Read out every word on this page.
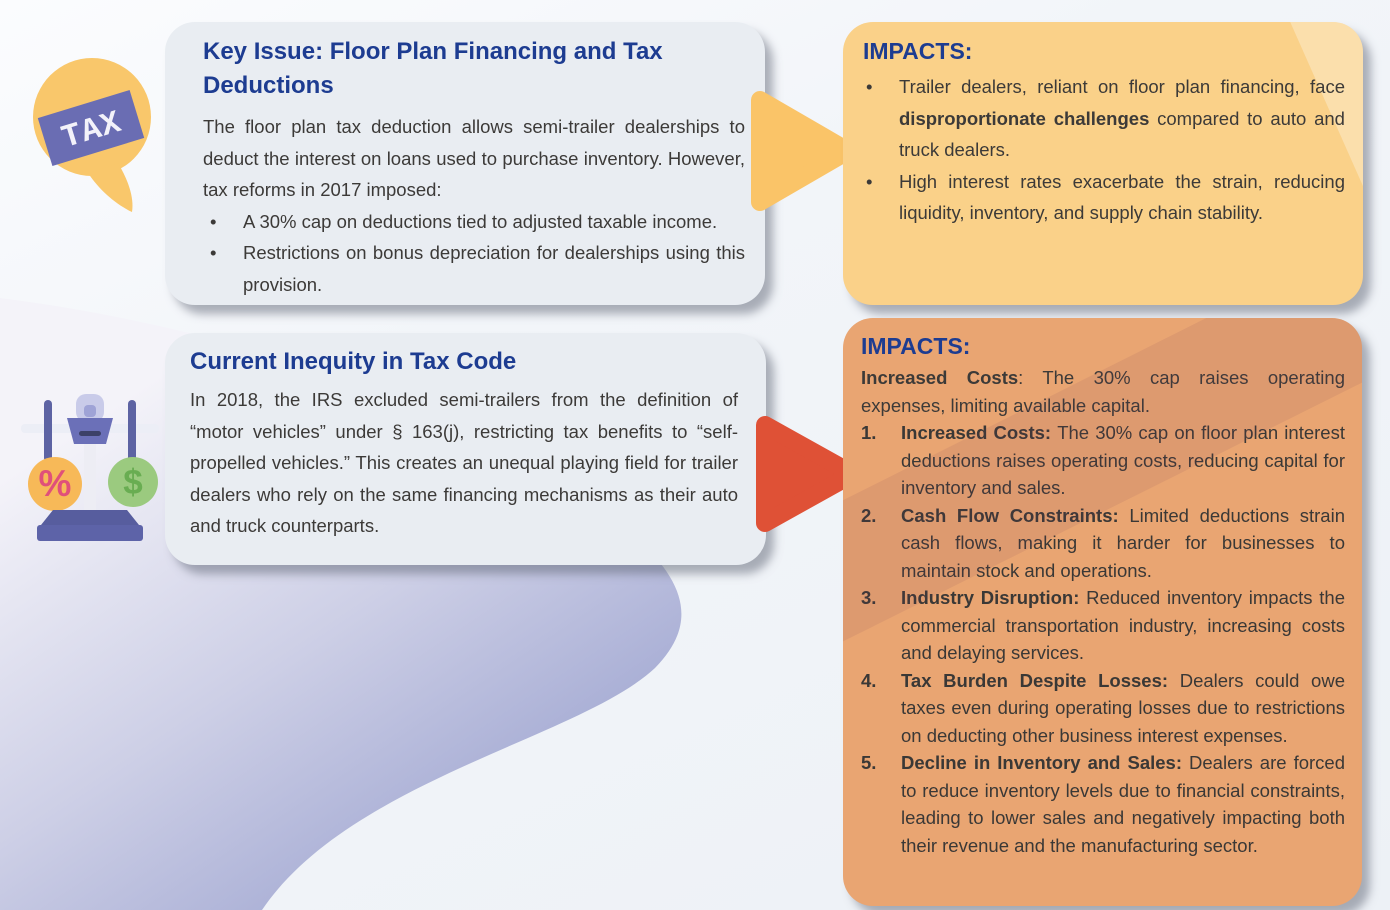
TAX
% $
Key Issue: Floor Plan Financing and Tax Deductions

The floor plan tax deduction allows semi-trailer dealerships to deduct the interest on loans used to purchase inventory. However, tax reforms in 2017 imposed:

• A 30% cap on deductions tied to adjusted taxable income.
• Restrictions on bonus depreciation for dealerships using this provision.
IMPACTS:
• Trailer dealers, reliant on floor plan financing, face disproportionate challenges compared to auto and truck dealers.
• High interest rates exacerbate the strain, reducing liquidity, inventory, and supply chain stability.
Current Inequity in Tax Code

In 2018, the IRS excluded semi-trailers from the definition of “motor vehicles” under § 163(j), restricting tax benefits to “self-propelled vehicles.” This creates an unequal playing field for trailer dealers who rely on the same financing mechanisms as their auto and truck counterparts.

IMPACTS:

Increased Costs: The 30% cap raises operating expenses, limiting available capital.

1.	Increased Costs: The 30% cap on floor plan interest deductions raises operating costs, reducing capital for inventory and sales.
2.	Cash Flow Constraints: Limited deductions strain cash flows, making it harder for businesses to maintain stock and operations.
3.	Industry Disruption: Reduced inventory impacts the commercial transportation industry, increasing costs and delaying services.
4.	Tax Burden Despite Losses: Dealers could owe taxes even during operating losses due to restrictions on deducting other business interest expenses.
5.	Decline in Inventory and Sales: Dealers are forced to reduce inventory levels due to financial constraints, leading to lower sales and negatively impacting both their revenue and the manufacturing sector.
